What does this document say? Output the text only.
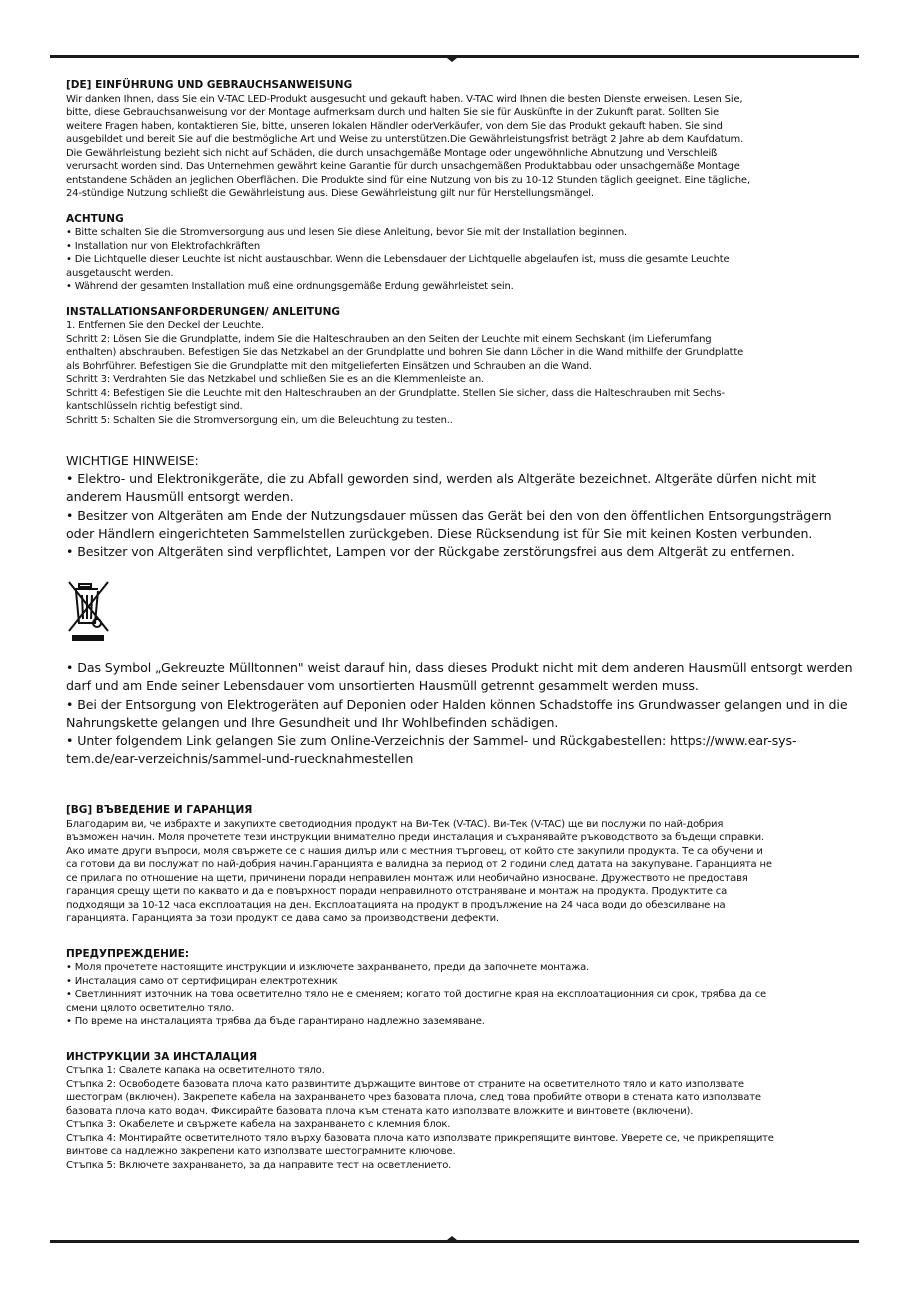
[DE] EINFÜHRUNG UND GEBRAUCHSANWEISUNG

Wir danken Ihnen, dass Sie ein V-TAC LED-Produkt ausgesucht und gekauft haben. V-TAC wird Ihnen die besten Dienste erweisen. Lesen Sie,

bitte, diese Gebrauchsanweisung vor der Montage aufmerksam durch und halten Sie sie für Auskünfte in der Zukunft parat. Sollten Sie

weitere Fragen haben, kontaktieren Sie, bitte, unseren lokalen Händler oderVerkäufer, von dem Sie das Produkt gekauft haben. Sie sind

ausgebildet und bereit Sie auf die bestmögliche Art und Weise zu unterstützen.Die Gewährleistungsfrist beträgt 2 Jahre ab dem Kaufdatum.

Die Gewährleistung bezieht sich nicht auf Schäden, die durch unsachgemäße Montage oder ungewöhnliche Abnutzung und Verschleiß

verursacht worden sind. Das Unternehmen gewährt keine Garantie für durch unsachgemäßen Produktabbau oder unsachgemäße Montage

entstandene Schäden an jeglichen Oberflächen. Die Produkte sind für eine Nutzung von bis zu 10-12 Stunden täglich geeignet. Eine tägliche,

24-stündige Nutzung schließt die Gewährleistung aus. Diese Gewährleistung gilt nur für Herstellungsmängel.

ACHTUNG

• Bitte schalten Sie die Stromversorgung aus und lesen Sie diese Anleitung, bevor Sie mit der Installation beginnen.

• Installation nur von Elektrofachkräften

• Die Lichtquelle dieser Leuchte ist nicht austauschbar. Wenn die Lebensdauer der Lichtquelle abgelaufen ist, muss die gesamte Leuchte

ausgetauscht werden.

• Während der gesamten Installation muß eine ordnungsgemäße Erdung gewährleistet sein.

INSTALLATIONSANFORDERUNGEN/ ANLEITUNG

1. Entfernen Sie den Deckel der Leuchte.

Schritt 2: Lösen Sie die Grundplatte, indem Sie die Halteschrauben an den Seiten der Leuchte mit einem Sechskant (im Lieferumfang

enthalten) abschrauben. Befestigen Sie das Netzkabel an der Grundplatte und bohren Sie dann Löcher in die Wand mithilfe der Grundplatte

als Bohrführer. Befestigen Sie die Grundplatte mit den mitgelieferten Einsätzen und Schrauben an die Wand.

Schritt 3: Verdrahten Sie das Netzkabel und schließen Sie es an die Klemmenleiste an.

Schritt 4: Befestigen Sie die Leuchte mit den Halteschrauben an der Grundplatte. Stellen Sie sicher, dass die Halteschrauben mit Sechs-

kantschlüsseln richtig befestigt sind.

Schritt 5: Schalten Sie die Stromversorgung ein, um die Beleuchtung zu testen..

WICHTIGE HINWEISE:

• Elektro- und Elektronikgeräte, die zu Abfall geworden sind, werden als Altgeräte bezeichnet. Altgeräte dürfen nicht mit

anderem Hausmüll entsorgt werden.

• Besitzer von Altgeräten am Ende der Nutzungsdauer müssen das Gerät bei den von den öffentlichen Entsorgungsträgern

oder Händlern eingerichteten Sammelstellen zurückgeben. Diese Rücksendung ist für Sie mit keinen Kosten verbunden.

• Besitzer von Altgeräten sind verpflichtet, Lampen vor der Rückgabe zerstörungsfrei aus dem Altgerät zu entfernen.

• Das Symbol „Gekreuzte Mülltonnen" weist darauf hin, dass dieses Produkt nicht mit dem anderen Hausmüll entsorgt werden

darf und am Ende seiner Lebensdauer vom unsortierten Hausmüll getrennt gesammelt werden muss.

• Bei der Entsorgung von Elektrogeräten auf Deponien oder Halden können Schadstoffe ins Grundwasser gelangen und in die

Nahrungskette gelangen und Ihre Gesundheit und Ihr Wohlbefinden schädigen.

• Unter folgendem Link gelangen Sie zum Online-Verzeichnis der Sammel- und Rückgabestellen: https://www.ear-sys-

tem.de/ear-verzeichnis/sammel-und-ruecknahmestellen

[BG] ВЪВЕДЕНИЕ И ГАРАНЦИЯ

Благодарим ви, че избрахте и закупихте светодиодния продукт на Ви-Тек (V-TAC). Ви-Тек (V-TAC) ще ви послужи по най-добрия

възможен начин. Моля прочетете тези инструкции внимателно преди инсталация и съхранявайте ръководството за бъдещи справки.

Ако имате други въпроси, моля свържете се с нашия дилър или с местния търговец, от който сте закупили продукта. Те са обучени и

са готови да ви послужат по най-добрия начин.Гаранцията е валидна за период от 2 години след датата на закупуване. Гаранцията не

се прилага по отношение на щети, причинени поради неправилен монтаж или необичайно износване. Дружеството не предоставя

гаранция срещу щети по каквато и да е повърхност поради неправилното отстраняване и монтаж на продукта. Продуктите са

подходящи за 10-12 часа експлоатация на ден. Експлоатацията на продукт в продължение на 24 часа води до обезсилване на

гаранцията. Гаранцията за този продукт се дава само за производствени дефекти.

ПРЕДУПРЕЖДЕНИЕ:

• Моля прочетете настоящите инструкции и изключете захранването, преди да започнете монтажа.

• Инсталация само от сертифициран електротехник

• Светлинният източник на това осветително тяло не е сменяем; когато той достигне края на експлоатационния си срок, трябва да се

смени цялото осветително тяло.

• По време на инсталацията трябва да бъде гарантирано надлежно заземяване.

ИНСТРУКЦИИ ЗА ИНСТАЛАЦИЯ

Стъпка 1: Свалете капака на осветителното тяло.

Стъпка 2: Освободете базовата плоча като развинтите държащите винтове от страните на осветителното тяло и като използвате

шестограм (включен). Закрепете кабела на захранването чрез базовата плоча, след това пробийте отвори в стената като използвате

базовата плоча като водач. Фиксирайте базовата плоча към стената като използвате вложките и винтовете (включени).

Стъпка 3: Окабелете и свържете кабела на захранването с клемния блок.

Стъпка 4: Монтирайте осветителното тяло върху базовата плоча като използвате прикрепящите винтове. Уверете се, че прикрепящите

винтове са надлежно закрепени като използвате шестограмните ключове.

Стъпка 5: Включете захранването, за да направите тест на осветлението.
